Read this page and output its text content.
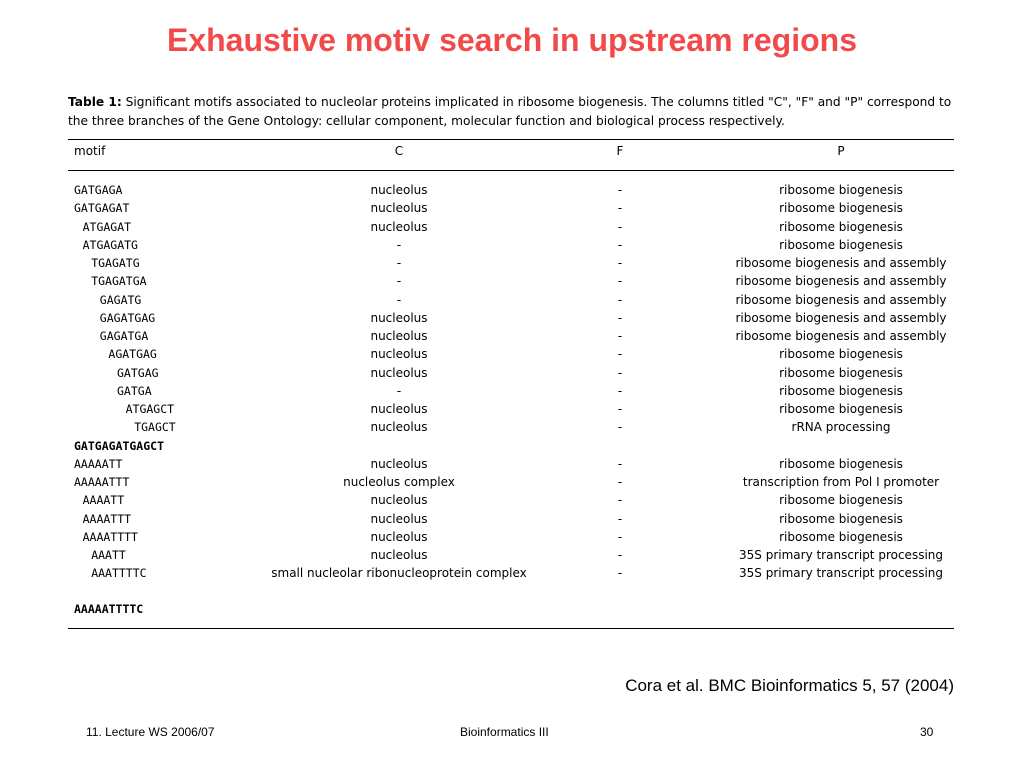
Exhaustive motiv search in upstream regions
Table 1: Significant motifs associated to nucleolar proteins implicated in ribosome biogenesis. The columns titled "C", "F" and "P" correspond to the three branches of the Gene Ontology: cellular component, molecular function and biological process respectively.
motif	C	F	P
GATGAGA	nucleolus	-	ribosome biogenesis
GATGAGAT	nucleolus	-	ribosome biogenesis
ATGAGAT	nucleolus	-	ribosome biogenesis
ATGAGATG	-	-	ribosome biogenesis
TGAGATG	-	-	ribosome biogenesis and assembly
TGAGATGA	-	-	ribosome biogenesis and assembly
GAGATG	-	-	ribosome biogenesis and assembly
GAGATGAG	nucleolus	-	ribosome biogenesis and assembly
GAGATGA	nucleolus	-	ribosome biogenesis and assembly
AGATGAG	nucleolus	-	ribosome biogenesis
GATGAG	nucleolus	-	ribosome biogenesis
GATGA	-	-	ribosome biogenesis
ATGAGCT	nucleolus	-	ribosome biogenesis
TGAGCT	nucleolus	-	rRNA processing
GATGAGATGAGCT
AAAAATT	nucleolus	-	ribosome biogenesis
AAAAATTT	nucleolus complex	-	transcription from Pol I promoter
AAAATT	nucleolus	-	ribosome biogenesis
AAAATTT	nucleolus	-	ribosome biogenesis
AAAATTTT	nucleolus	-	ribosome biogenesis
AAATT	nucleolus	-	35S primary transcript processing
AAATTTTC	small nucleolar ribonucleoprotein complex	-	35S primary transcript processing
AAAAATTTTC
Cora et al. BMC Bioinformatics 5, 57 (2004)
11. Lecture WS 2006/07	Bioinformatics III	30
